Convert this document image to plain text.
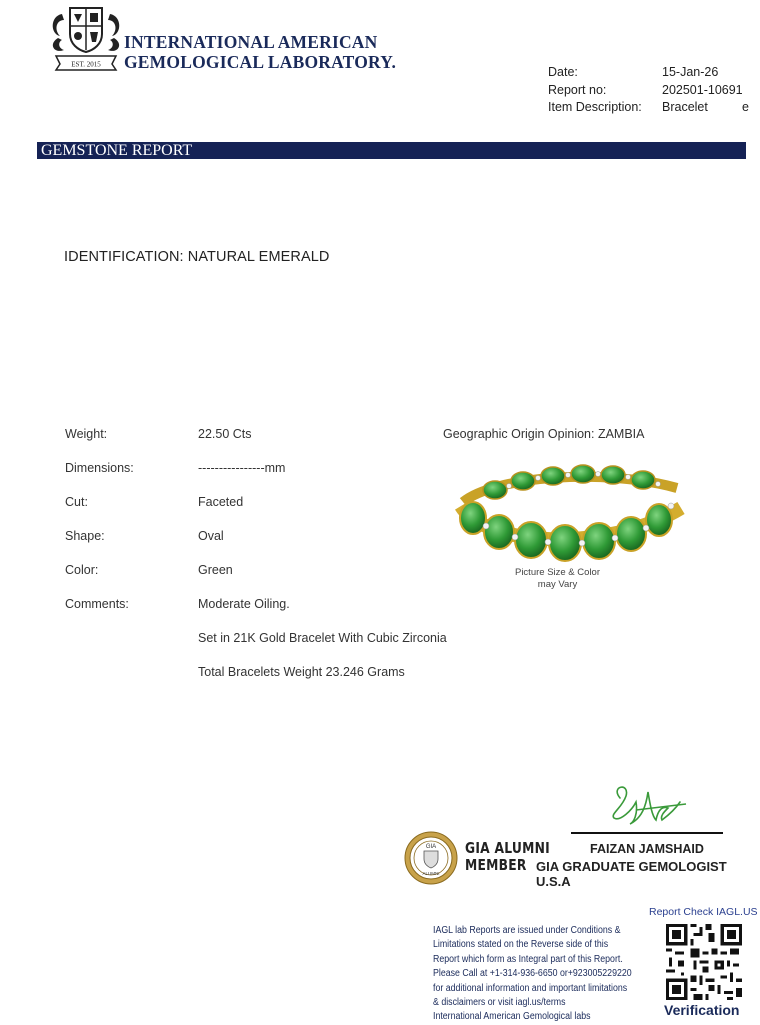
EST. 2015
INTERNATIONAL AMERICAN
GEMOLOGICAL LABORATORY.	Date:	15-Jan-26
Report no:	202501-10691
Item Description:	Bracelet	e
GEMSTONE REPORT
IDENTIFICATION: NATURAL EMERALD
Weight:	22.50 Cts
Dimensions:	----------------mm
Cut:	Faceted
Shape:	Oval
Color:	Green
Comments:	Moderate Oiling.
Set in 21K Gold Bracelet With Cubic Zirconia
Total Bracelets Weight 23.246 Grams
Geographic Origin Opinion: ZAMBIA
Picture Size & Color
may Vary
FAIZAN JAMSHAID
GIA GRADUATE GEMOLOGIST U.S.A
GIA
ALUMNI
GIA ALUMNI
MEMBER
Report Check IAGL.US
IAGL lab Reports are issued under Conditions &
Limitations stated on the Reverse side of this
Report which form as Integral part of this Report.
Please Call at +1-314-936-6650 or+923005229220
for additional information and important limitations
& disclaimers or visit iagl.us/terms
International American Gemological labs	Verification
